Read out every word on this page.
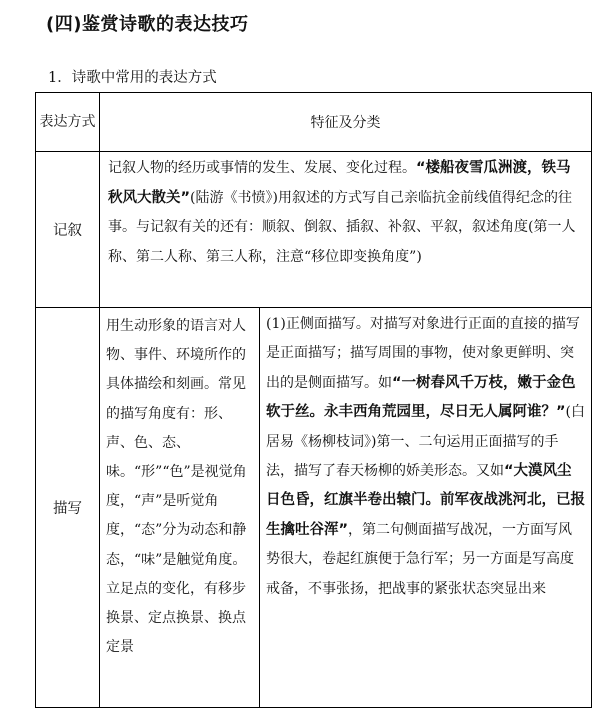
(四)鉴赏诗歌的表达技巧
1．诗歌中常用的表达方式
表达方式	特征及分类	
记叙	记叙人物的经历或事情的发生、发展、变化过程。“楼船夜雪瓜洲渡，铁马秋风大散关”(陆游《书愤》)用叙述的方式写自己亲临抗金前线值得纪念的往事。与记叙有关的还有：顺叙、倒叙、插叙、补叙、平叙，叙述角度(第一人称、第二人称、第三人称，注意“移位即变换角度”)	
描写	用生动形象的语言对人物、事件、环境所作的具体描绘和刻画。常见的描写角度有：形、声、色、态、味。“形”“色”是视觉角度，“声”是听觉角度，“态”分为动态和静态，“味”是触觉角度。立足点的变化，有移步换景、定点换景、换点定景	(1)正侧面描写。对描写对象进行正面的直接的描写是正面描写；描写周围的事物，使对象更鲜明、突出的是侧面描写。如“一树春风千万枝，嫩于金色软于丝。永丰西角荒园里，尽日无人属阿谁？”(白居易《杨柳枝词》)第一、二句运用正面描写的手法，描写了春天杨柳的娇美形态。又如“大漠风尘日色昏，红旗半卷出辕门。前军夜战洮河北，已报生擒吐谷浑”，第二句侧面描写战况，一方面写风势很大，卷起红旗便于急行军；另一方面是写高度戒备，不事张扬，把战事的紧张状态突显出来
